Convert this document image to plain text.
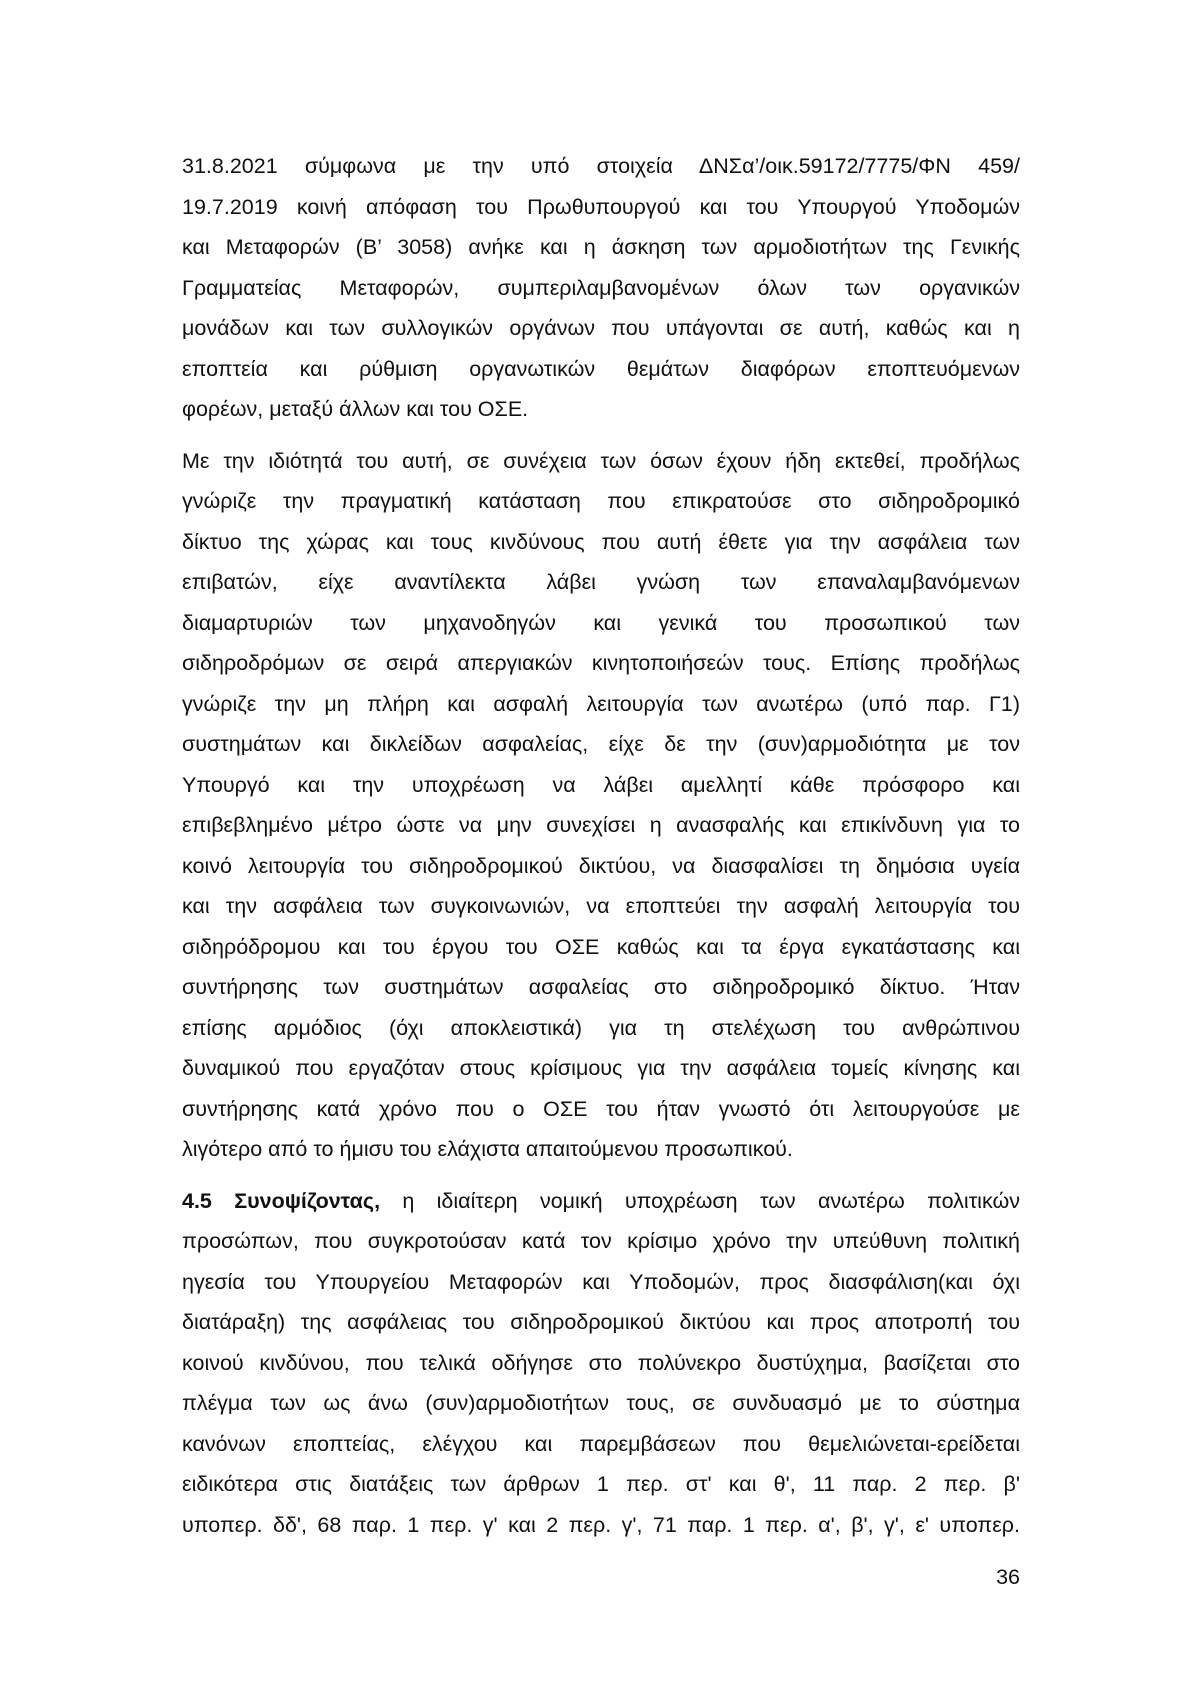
31.8.2021 σύμφωνα με την υπό στοιχεία ΔΝΣα’/οικ.59172/7775/ΦΝ 459/
19.7.2019 κοινή απόφαση του Πρωθυπουργού και του Υπουργού Υποδομών
και Μεταφορών (Β’ 3058) ανήκε και η άσκηση των αρμοδιοτήτων της Γενικής
Γραμματείας Μεταφορών, συμπεριλαμβανομένων όλων των οργανικών
μονάδων και των συλλογικών οργάνων που υπάγονται σε αυτή, καθώς και η
εποπτεία και ρύθμιση οργανωτικών θεμάτων διαφόρων εποπτευόμενων
φορέων, μεταξύ άλλων και του ΟΣΕ.
Με την ιδιότητά του αυτή, σε συνέχεια των όσων έχουν ήδη εκτεθεί, προδήλως
γνώριζε την πραγματική κατάσταση που επικρατούσε στο σιδηροδρομικό
δίκτυο της χώρας και τους κινδύνους που αυτή έθετε για την ασφάλεια των
επιβατών, είχε αναντίλεκτα λάβει γνώση των επαναλαμβανόμενων
διαμαρτυριών των μηχανοδηγών και γενικά του προσωπικού των
σιδηροδρόμων σε σειρά απεργιακών κινητοποιήσεών τους. Επίσης προδήλως
γνώριζε την μη πλήρη και ασφαλή λειτουργία των ανωτέρω (υπό παρ. Γ1)
συστημάτων και δικλείδων ασφαλείας, είχε δε την (συν)αρμοδιότητα με τον
Υπουργό και την υποχρέωση να λάβει αμελλητί κάθε πρόσφορο και
επιβεβλημένο μέτρο ώστε να μην συνεχίσει η ανασφαλής και επικίνδυνη για το
κοινό λειτουργία του σιδηροδρομικού δικτύου, να διασφαλίσει τη δημόσια υγεία
και την ασφάλεια των συγκοινωνιών, να εποπτεύει την ασφαλή λειτουργία του
σιδηρόδρομου και του έργου του ΟΣΕ καθώς και τα έργα εγκατάστασης και
συντήρησης των συστημάτων ασφαλείας στο σιδηροδρομικό δίκτυο. Ήταν
επίσης αρμόδιος (όχι αποκλειστικά) για τη στελέχωση του ανθρώπινου
δυναμικού που εργαζόταν στους κρίσιμους για την ασφάλεια τομείς κίνησης και
συντήρησης κατά χρόνο που ο ΟΣΕ του ήταν γνωστό ότι λειτουργούσε με
λιγότερο από το ήμισυ του ελάχιστα απαιτούμενου προσωπικού.
4.5 Συνοψίζοντας, η ιδιαίτερη νομική υποχρέωση των ανωτέρω πολιτικών
προσώπων, που συγκροτούσαν κατά τον κρίσιμο χρόνο την υπεύθυνη πολιτική
ηγεσία του Υπουργείου Μεταφορών και Υποδομών, προς διασφάλιση(και όχι
διατάραξη) της ασφάλειας του σιδηροδρομικού δικτύου και προς αποτροπή του
κοινού κινδύνου, που τελικά οδήγησε στο πολύνεκρο δυστύχημα, βασίζεται στο
πλέγμα των ως άνω (συν)αρμοδιοτήτων τους, σε συνδυασμό με το σύστημα
κανόνων εποπτείας, ελέγχου και παρεμβάσεων που θεμελιώνεται-ερείδεται
ειδικότερα στις διατάξεις των άρθρων 1 περ. στ' και θ', 11 παρ. 2 περ. β'
υποπερ. δδ', 68 παρ. 1 περ. γ' και 2 περ. γ', 71 παρ. 1 περ. α', β', γ', ε' υποπερ.
36
